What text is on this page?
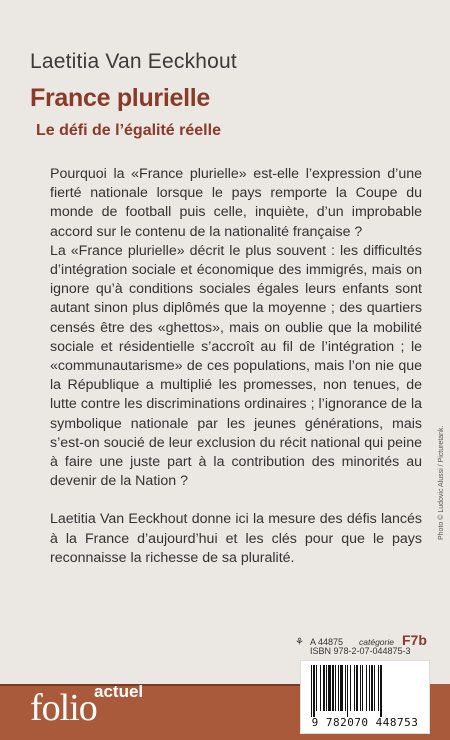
Laetitia Van Eeckhout
France plurielle
Le défi de l’égalité réelle

Pourquoi la «France plurielle» est-elle l’expression d’une fierté nationale lorsque le pays remporte la Coupe du monde de football puis celle, inquiète, d’un improbable accord sur le contenu de la nationalité française ?

La «France plurielle» décrit le plus souvent : les difficultés d’intégration sociale et économique des immigrés, mais on ignore qu’à conditions sociales égales leurs enfants sont autant sinon plus diplômés que la moyenne ; des quartiers censés être des «ghettos», mais on oublie que la mobilité sociale et résidentielle s’accroît au fil de l’intégration ; le «communautarisme» de ces populations, mais l’on nie que la République a multiplié les promesses, non tenues, de lutte contre les discriminations ordinaires ; l’ignorance de la symbolique nationale par les jeunes générations, mais s’est-on soucié de leur exclusion du récit national qui peine à faire une juste part à la contribution des minorités au devenir de la Nation ?

Laetitia Van Eeckhout donne ici la mesure des défis lancés à la France d’aujourd’hui et les clés pour que le pays reconnaisse la richesse de sa pluralité.

Photo © Ludovic Alussi / Picturetank.
⚘ A 44875 catégorie F7b
ISBN 978-2-07-044875-3
folio
actuel
9 782070 448753
